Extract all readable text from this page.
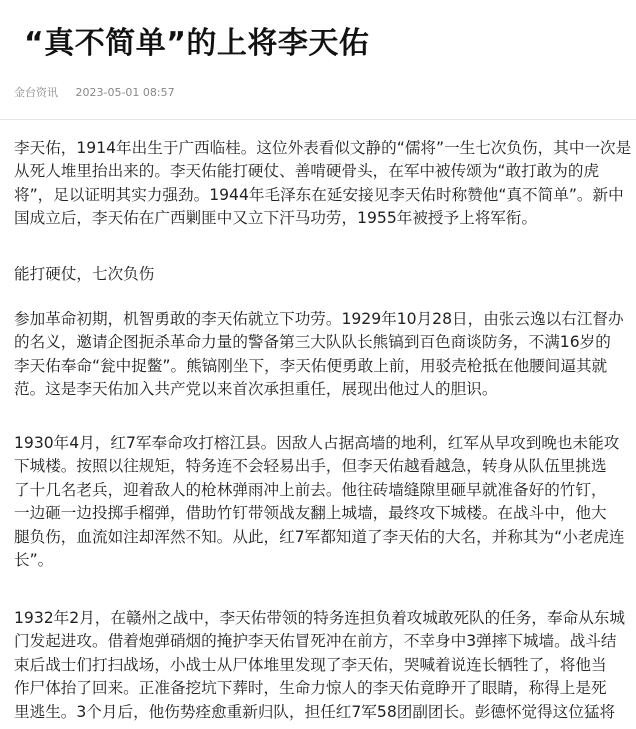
“真不简单”的上将李天佑
金台资讯 2023-05-01 08:57

李天佑，1914年出生于广西临桂。这位外表看似文静的“儒将”一生七次负伤，其中一次是
从死人堆里抬出来的。李天佑能打硬仗、善啃硬骨头，在军中被传颂为“敢打敢为的虎
将”，足以证明其实力强劲。1944年毛泽东在延安接见李天佑时称赞他“真不简单”。新中
国成立后，李天佑在广西剿匪中又立下汗马功劳，1955年被授予上将军衔。

能打硬仗，七次负伤

参加革命初期，机智勇敢的李天佑就立下功劳。1929年10月28日，由张云逸以右江督办
的名义，邀请企图扼杀革命力量的警备第三大队队长熊镐到百色商谈防务，不满16岁的
李天佑奉命“瓮中捉鳖”。熊镐刚坐下，李天佑便勇敢上前，用驳壳枪抵在他腰间逼其就
范。这是李天佑加入共产党以来首次承担重任，展现出他过人的胆识。

1930年4月，红7军奉命攻打榕江县。因敌人占据高墙的地利，红军从早攻到晚也未能攻
下城楼。按照以往规矩，特务连不会轻易出手，但李天佑越看越急，转身从队伍里挑选
了十几名老兵，迎着敌人的枪林弹雨冲上前去。他往砖墙缝隙里砸早就准备好的竹钉，
一边砸一边投掷手榴弹，借助竹钉带领战友翻上城墙，最终攻下城楼。在战斗中，他大
腿负伤，血流如注却浑然不知。从此，红7军都知道了李天佑的大名，并称其为“小老虎连
长”。

1932年2月，在赣州之战中，李天佑带领的特务连担负着攻城敢死队的任务，奉命从东城
门发起进攻。借着炮弹硝烟的掩护李天佑冒死冲在前方，不幸身中3弹摔下城墙。战斗结
束后战士们打扫战场，小战士从尸体堆里发现了李天佑，哭喊着说连长牺牲了，将他当
作尸体抬了回来。正准备挖坑下葬时，生命力惊人的李天佑竟睁开了眼睛，称得上是死
里逃生。3个月后，他伤势痊愈重新归队，担任红7军58团副团长。彭德怀觉得这位猛将
